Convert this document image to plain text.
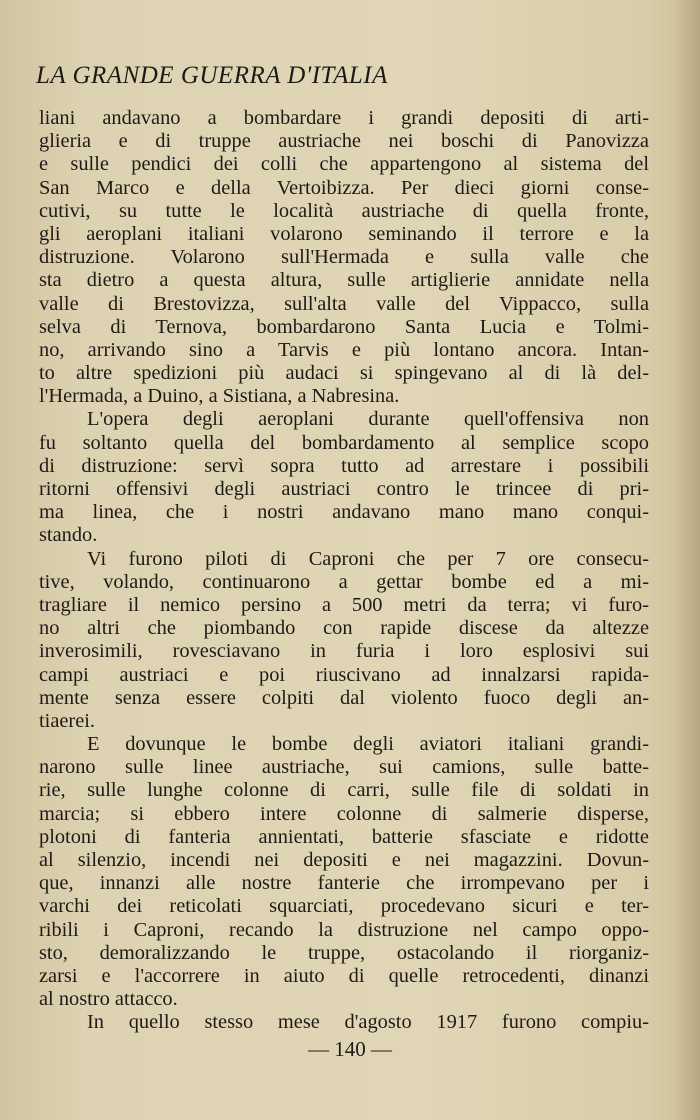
LA GRANDE GUERRA D'ITALIA
liani andavano a bombardare i grandi depositi di arti-
glieria e di truppe austriache nei boschi di Panovizza
e sulle pendici dei colli che appartengono al sistema del
San Marco e della Vertoibizza. Per dieci giorni conse-
cutivi, su tutte le località austriache di quella fronte,
gli aeroplani italiani volarono seminando il terrore e la
distruzione. Volarono sull'Hermada e sulla valle che
sta dietro a questa altura, sulle artiglierie annidate nella
valle di Brestovizza, sull'alta valle del Vippacco, sulla
selva di Ternova, bombardarono Santa Lucia e Tolmi-
no, arrivando sino a Tarvis e più lontano ancora. Intan-
to altre spedizioni più audaci si spingevano al di là del-
l'Hermada, a Duino, a Sistiana, a Nabresina.
L'opera degli aeroplani durante quell'offensiva non
fu soltanto quella del bombardamento al semplice scopo
di distruzione: servì sopra tutto ad arrestare i possibili
ritorni offensivi degli austriaci contro le trincee di pri-
ma linea, che i nostri andavano mano mano conqui-
stando.
Vi furono piloti di Caproni che per 7 ore consecu-
tive, volando, continuarono a gettar bombe ed a mi-
tragliare il nemico persino a 500 metri da terra; vi furo-
no altri che piombando con rapide discese da altezze
inverosimili, rovesciavano in furia i loro esplosivi sui
campi austriaci e poi riuscivano ad innalzarsi rapida-
mente senza essere colpiti dal violento fuoco degli an-
tiaerei.
E dovunque le bombe degli aviatori italiani grandi-
narono sulle linee austriache, sui camions, sulle batte-
rie, sulle lunghe colonne di carri, sulle file di soldati in
marcia; si ebbero intere colonne di salmerie disperse,
plotoni di fanteria annientati, batterie sfasciate e ridotte
al silenzio, incendi nei depositi e nei magazzini. Dovun-
que, innanzi alle nostre fanterie che irrompevano per i
varchi dei reticolati squarciati, procedevano sicuri e ter-
ribili i Caproni, recando la distruzione nel campo oppo-
sto, demoralizzando le truppe, ostacolando il riorganiz-
zarsi e l'accorrere in aiuto di quelle retrocedenti, dinanzi
al nostro attacco.
In quello stesso mese d'agosto 1917 furono compiu-
— 140 —
